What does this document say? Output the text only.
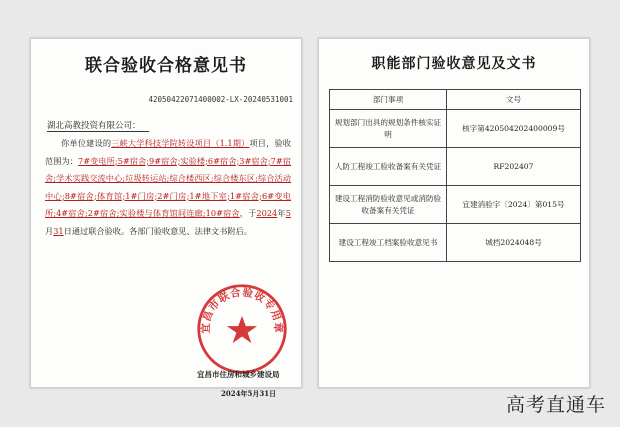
联合验收合格意见书
42050422071400002-LX-20240531001
湖北高教投资有限公司：
你单位建设的三峡大学科技学院转设项目（1.1期）项目，验收范围为：7#变电所;5#宿舍;9#宿舍;实验楼;6#宿舍;3#宿舍;7#宿舍;学术实践交流中心;垃圾转运站;综合楼西区;综合楼东区;综合活动中心;8#宿舍;体育馆;1#门房;2#门房;1#地下室;1#宿舍;6#变电所;4#宿舍;2#宿舍;实验楼与体育馆间连廊;10#宿舍，于2024年5月31日通过联合验收。各部门验收意见、法律文书附后。
宜昌市联合验收专用章
宜昌市住房和城乡建设局
2024年5月31日
职能部门验收意见及文书
部门事项	文号
规划部门出具的规划条件核实证明	核字第420504202400009号
人防工程竣工验收备案有关凭证	RF202407
建设工程消防验收意见或消防验收备案有关凭证	宜建消验字〔2024〕第015号
建设工程竣工档案验收意见书	城档2024048号
高考直通车
